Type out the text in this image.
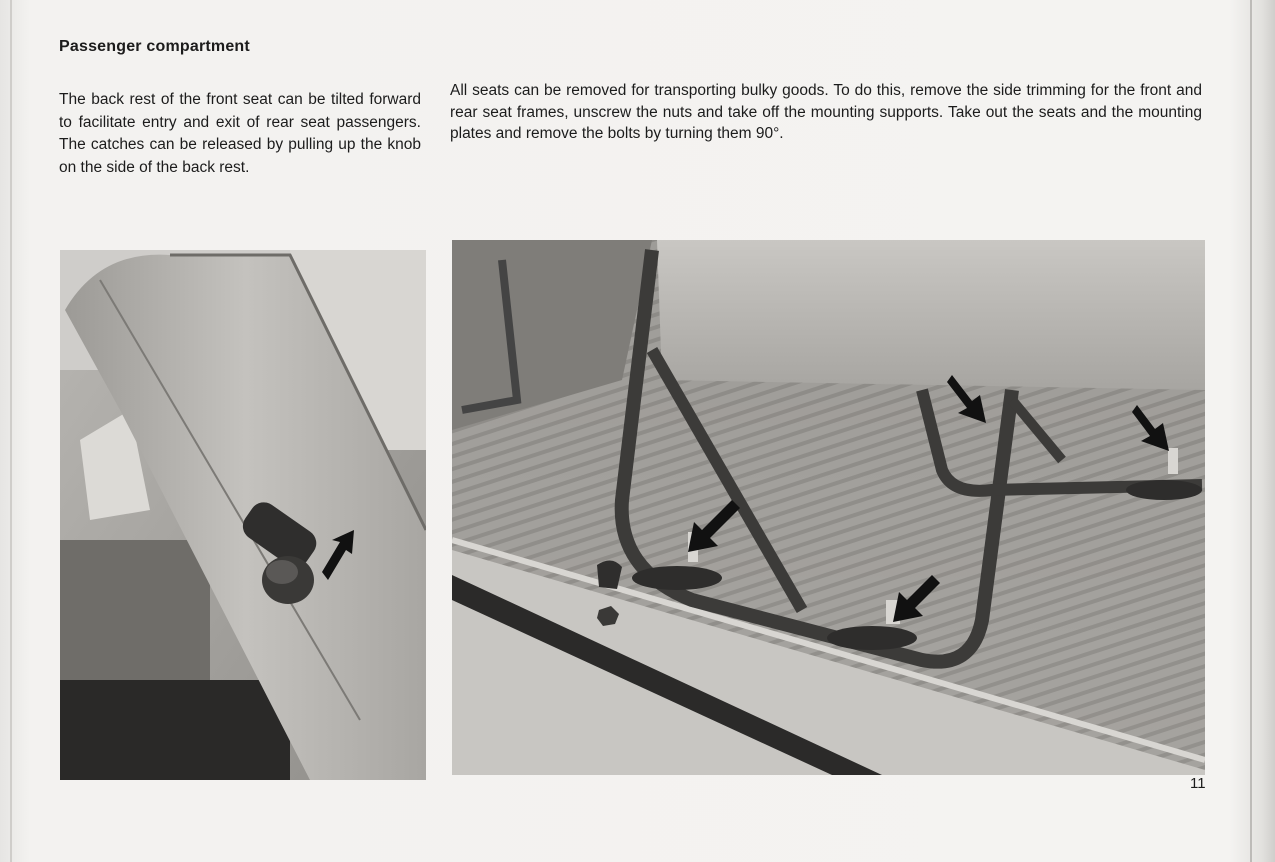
Passenger compartment
The back rest of the front seat can be tilted forward to facilitate entry and exit of rear seat passengers. The catches can be released by pulling up the knob on the side of the back rest.
All seats can be removed for transporting bulky goods. To do this, remove the side trimming for the front and rear seat frames, unscrew the nuts and take off the mounting supports. Take out the seats and the mounting plates and remove the bolts by turning them 90°.
11
